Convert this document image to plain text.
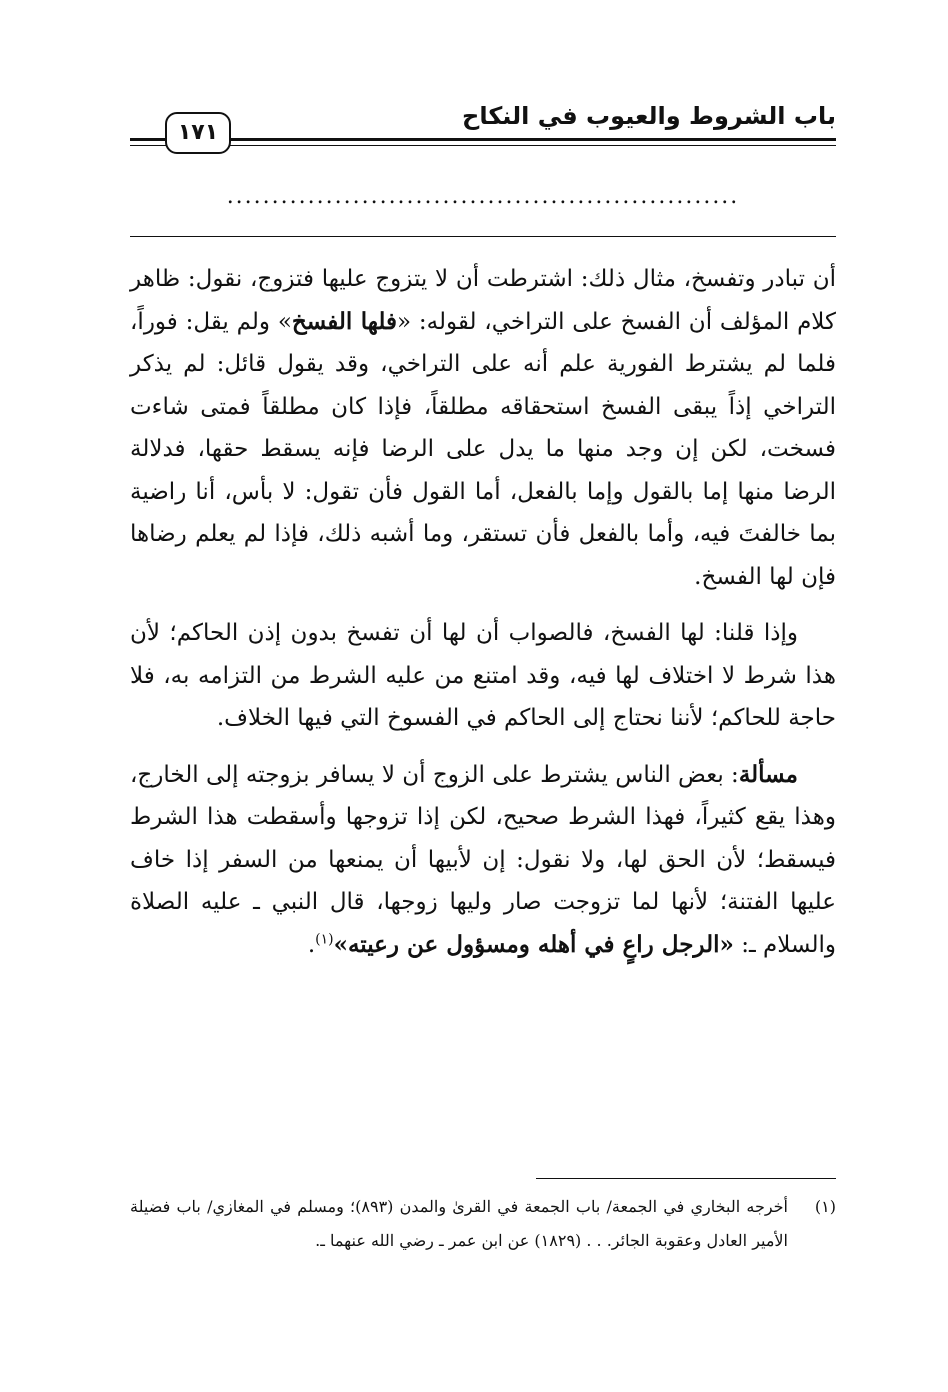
باب الشروط والعيوب في النكاح
١٧١
.........................................................

أن تبادر وتفسخ، مثال ذلك: اشترطت أن لا يتزوج عليها فتزوج، نقول: ظاهر كلام المؤلف أن الفسخ على التراخي، لقوله: «فلها الفسخ» ولم يقل: فوراً، فلما لم يشترط الفورية علم أنه على التراخي، وقد يقول قائل: لم يذكر التراخي إذاً يبقى الفسخ استحقاقه مطلقاً، فإذا كان مطلقاً فمتى شاءت فسخت، لكن إن وجد منها ما يدل على الرضا فإنه يسقط حقها، فدلالة الرضا منها إما بالقول وإما بالفعل، أما القول فأن تقول: لا بأس، أنا راضية بما خالفتَ فيه، وأما بالفعل فأن تستقر، وما أشبه ذلك، فإذا لم يعلم رضاها فإن لها الفسخ.

وإذا قلنا: لها الفسخ، فالصواب أن لها أن تفسخ بدون إذن الحاكم؛ لأن هذا شرط لا اختلاف لها فيه، وقد امتنع من عليه الشرط من التزامه به، فلا حاجة للحاكم؛ لأننا نحتاج إلى الحاكم في الفسوخ التي فيها الخلاف.

مسألة: بعض الناس يشترط على الزوج أن لا يسافر بزوجته إلى الخارج، وهذا يقع كثيراً، فهذا الشرط صحيح، لكن إذا تزوجها وأسقطت هذا الشرط فيسقط؛ لأن الحق لها، ولا نقول: إن لأبيها أن يمنعها من السفر إذا خاف عليها الفتنة؛ لأنها لما تزوجت صار وليها زوجها، قال النبي ـ عليه الصلاة والسلام ـ: «الرجل راعٍ في أهله ومسؤول عن رعيته»$^{(١)}$.

(١)
أخرجه البخاري في الجمعة/ باب الجمعة في القرىٰ والمدن (٨٩٣)؛ ومسلم في المغازي/ باب فضيلة الأمير العادل وعقوبة الجائر. . . (١٨٢٩) عن ابن عمر ـ رضي الله عنهما ـ.
